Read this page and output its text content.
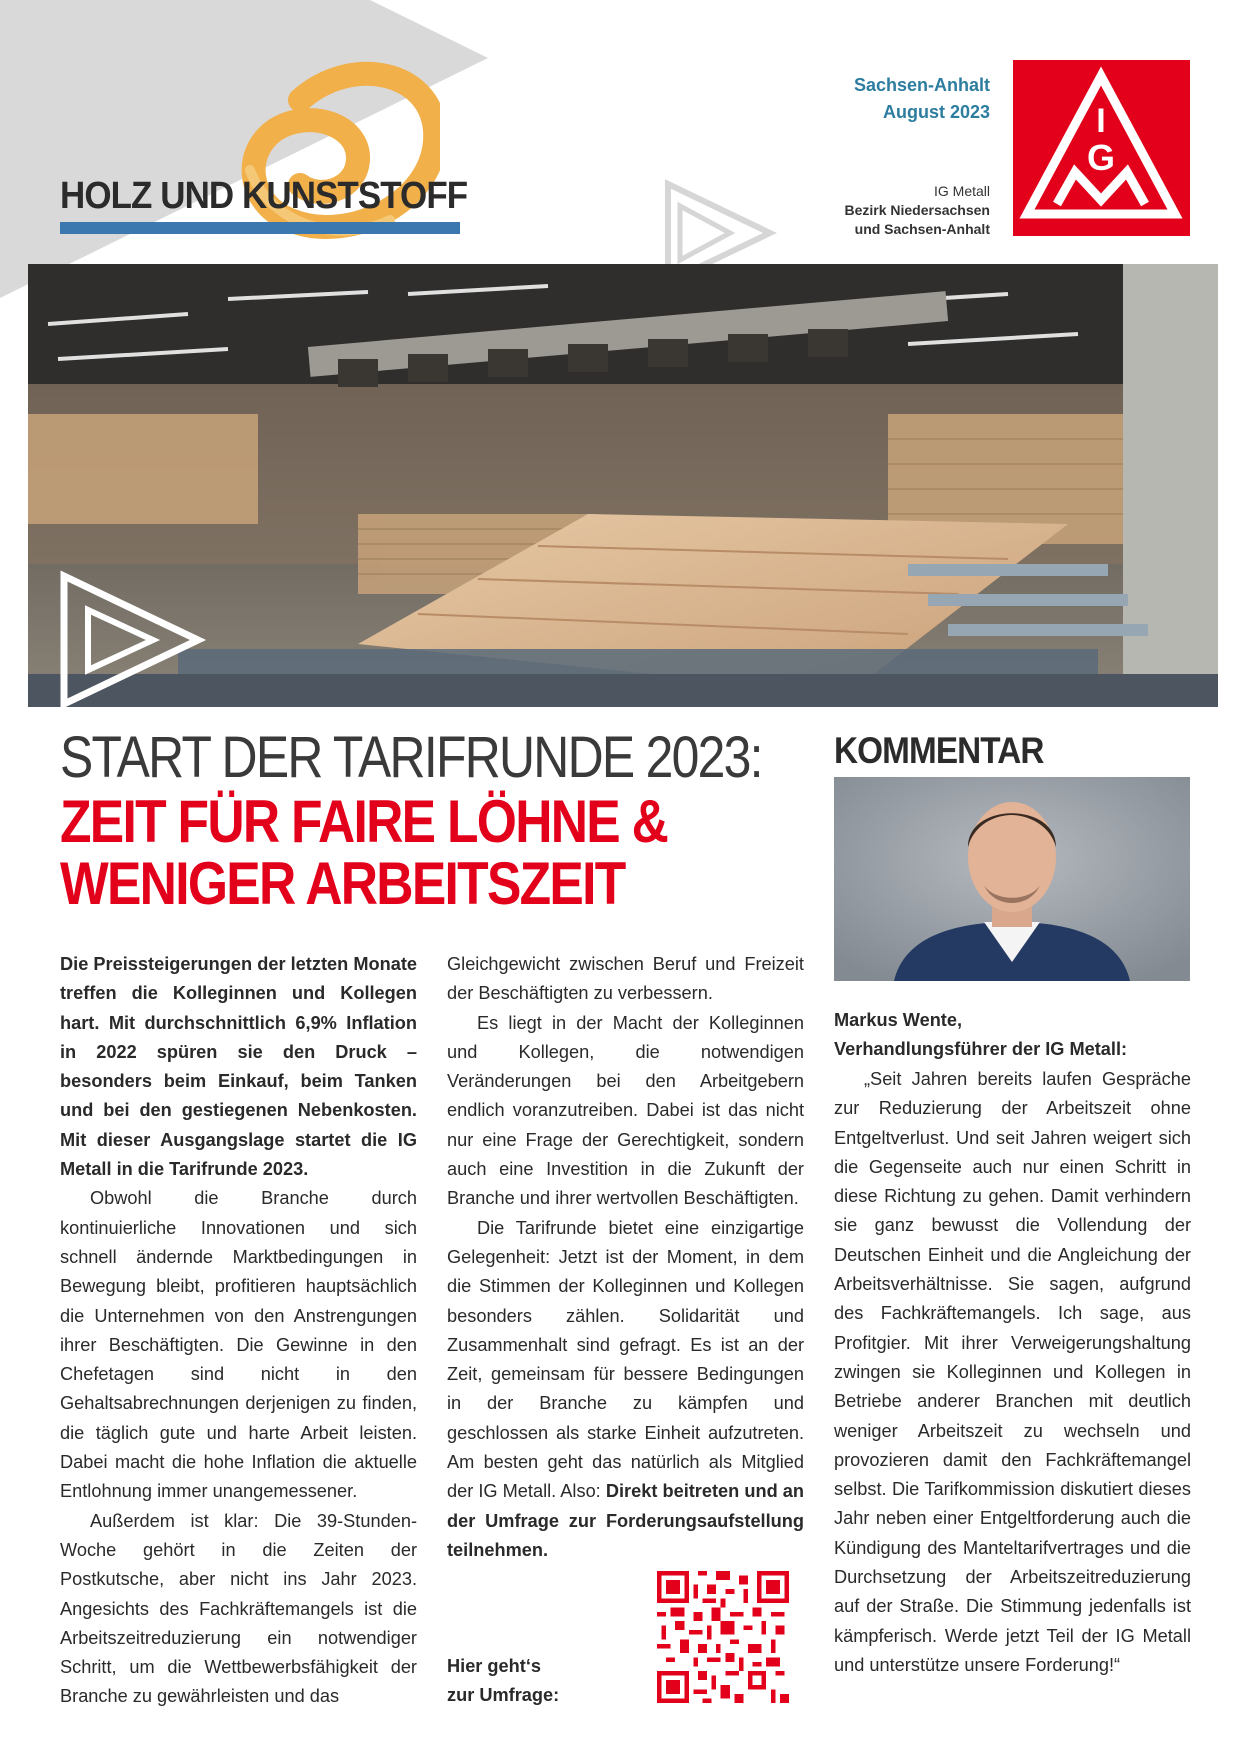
HOLZ UND KUNSTSTOFF
Sachsen-Anhalt
August 2023
IG Metall
Bezirk Niedersachsen
und Sachsen-Anhalt
I
G
START DER TARIFRUNDE 2023:
ZEIT FÜR FAIRE LÖHNE &
WENIGER ARBEITSZEIT

Die Preissteigerungen der letzten Monate treffen die Kolleginnen und Kollegen hart. Mit durchschnittlich 6,9% Inflation in 2022 spüren sie den Druck – besonders beim Einkauf, beim Tanken und bei den gestiegenen Nebenkosten. Mit dieser Ausgangslage startet die IG Metall in die Tarifrunde 2023.

Obwohl die Branche durch kontinuierliche Innovationen und sich schnell ändernde Marktbedingungen in Bewegung bleibt, profitieren hauptsächlich die Unternehmen von den Anstrengungen ihrer Beschäftigten. Die Gewinne in den Chefetagen sind nicht in den Gehaltsabrechnungen derjenigen zu finden, die täglich gute und harte Arbeit leisten. Dabei macht die hohe Inflation die aktuelle Entlohnung immer unangemessener.

Außerdem ist klar: Die 39-Stunden-Woche gehört in die Zeiten der Postkutsche, aber nicht ins Jahr 2023. Angesichts des Fachkräftemangels ist die Arbeitszeitreduzierung ein notwendiger Schritt, um die Wettbewerbsfähigkeit der Branche zu gewährleisten und das

Gleichgewicht zwischen Beruf und Freizeit der Beschäftigten zu verbessern.

Es liegt in der Macht der Kolleginnen und Kollegen, die notwendigen Veränderungen bei den Arbeitgebern endlich voranzutreiben. Dabei ist das nicht nur eine Frage der Gerechtigkeit, sondern auch eine Investition in die Zukunft der Branche und ihrer wertvollen Beschäftigten.

Die Tarifrunde bietet eine einzigartige Gelegenheit: Jetzt ist der Moment, in dem die Stimmen der Kolleginnen und Kollegen besonders zählen. Solidarität und Zusammenhalt sind gefragt. Es ist an der Zeit, gemeinsam für bessere Bedingungen in der Branche zu kämpfen und geschlossen als starke Einheit aufzutreten. Am besten geht das natürlich als Mitglied der IG Metall. Also: Direkt beitreten und an der Umfrage zur Forderungsaufstellung teilnehmen.

Hier geht‘s
zur Umfrage:
KOMMENTAR
Markus Wente,
Verhandlungsführer der IG Metall:

„Seit Jahren bereits laufen Gespräche zur Reduzierung der Arbeitszeit ohne Entgeltverlust. Und seit Jahren weigert sich die Gegenseite auch nur einen Schritt in diese Richtung zu gehen. Damit verhindern sie ganz bewusst die Vollendung der Deutschen Einheit und die Angleichung der Arbeitsverhältnisse. Sie sagen, aufgrund des Fachkräftemangels. Ich sage, aus Profitgier. Mit ihrer Verweigerungshaltung zwingen sie Kolleginnen und Kollegen in Betriebe anderer Branchen mit deutlich weniger Arbeitszeit zu wechseln und provozieren damit den Fachkräftemangel selbst. Die Tarifkommission diskutiert dieses Jahr neben einer Entgeltforderung auch die Kündigung des Manteltarifvertrages und die Durchsetzung der Arbeitszeitreduzierung auf der Straße. Die Stimmung jedenfalls ist kämpferisch. Werde jetzt Teil der IG Metall und unterstütze unsere Forderung!“
